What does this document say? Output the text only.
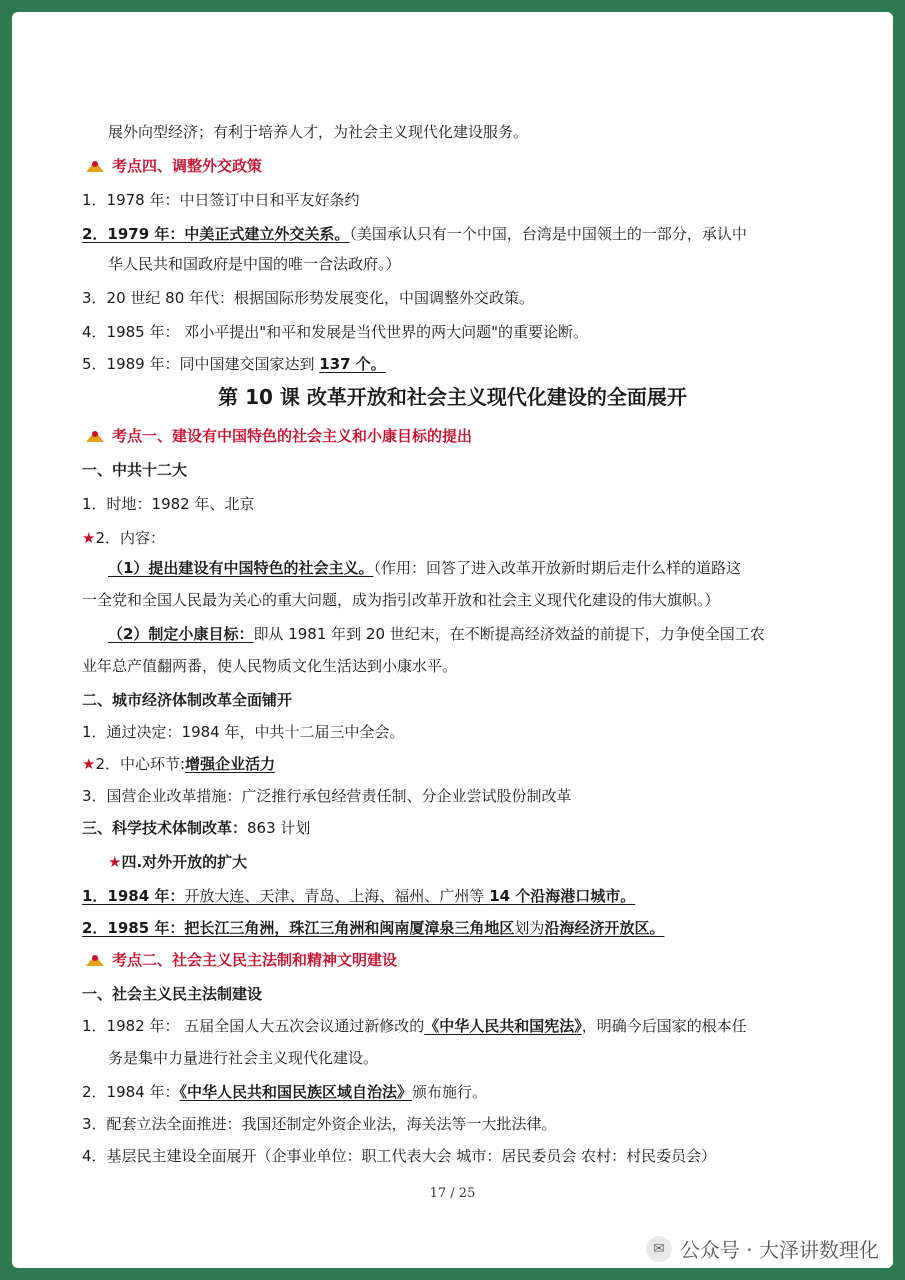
展外向型经济；有利于培养人才，为社会主义现代化建设服务。
考点四、调整外交政策
1．1978 年：中日签订中日和平友好条约
2．1979 年：中美正式建立外交关系。（美国承认只有一个中国，台湾是中国领土的一部分，承认中
华人民共和国政府是中国的唯一合法政府。）
3．20 世纪 80 年代：根据国际形势发展变化，中国调整外交政策。
4．1985 年： 邓小平提出"和平和发展是当代世界的两大问题"的重要论断。
5．1989 年：同中国建交国家达到 137 个。
第 10 课 改革开放和社会主义现代化建设的全面展开
考点一、建设有中国特色的社会主义和小康目标的提出
一、中共十二大
1．时地：1982 年、北京
★2．内容：
（1）提出建设有中国特色的社会主义。（作用：回答了进入改革开放新时期后走什么样的道路这
一全党和全国人民最为关心的重大问题，成为指引改革开放和社会主义现代化建设的伟大旗帜。）
（2）制定小康目标：即从 1981 年到 20 世纪末，在不断提高经济效益的前提下，力争使全国工农
业年总产值翻两番，使人民物质文化生活达到小康水平。
二、城市经济体制改革全面铺开
1．通过决定：1984 年，中共十二届三中全会。
★2．中心环节:增强企业活力
3．国营企业改革措施：广泛推行承包经营责任制、分企业尝试股份制改革
三、科学技术体制改革：863 计划
★四.对外开放的扩大
1．1984 年：开放大连、天津、青岛、上海、福州、广州等 14 个沿海港口城市。
2．1985 年：把长江三角洲，珠江三角洲和闽南厦漳泉三角地区划为沿海经济开放区。
考点二、社会主义民主法制和精神文明建设
一、社会主义民主法制建设
1．1982 年： 五届全国人大五次会议通过新修改的《中华人民共和国宪法》，明确今后国家的根本任
务是集中力量进行社会主义现代化建设。
2．1984 年：《中华人民共和国民族区域自治法》颁布施行。
3．配套立法全面推进：我国还制定外资企业法，海关法等一大批法律。
4．基层民主建设全面展开（企事业单位：职工代表大会 城市：居民委员会 农村：村民委员会）
17 / 25
✉ 公众号 · 大泽讲数理化
